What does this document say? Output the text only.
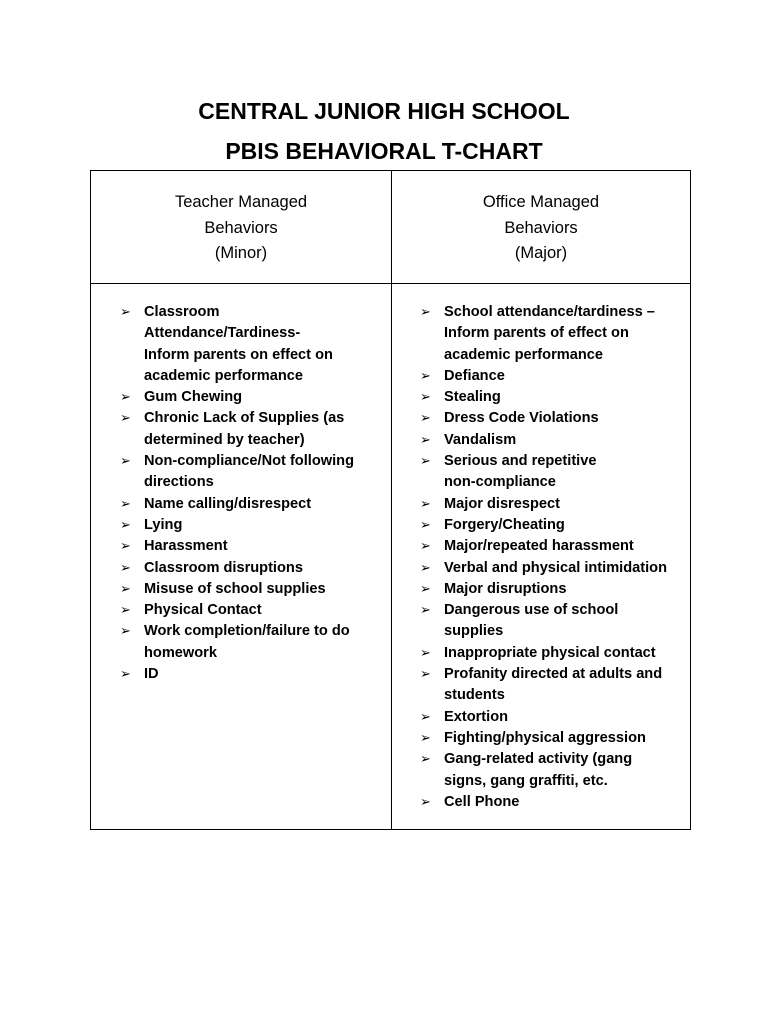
CENTRAL JUNIOR HIGH SCHOOL
PBIS BEHAVIORAL T-CHART
Teacher Managed
Behaviors
(Minor)
Office Managed
Behaviors
(Major)
➢ Classroom
Attendance/Tardiness-
Inform parents on effect on
academic performance
➢ Gum Chewing
➢ Chronic Lack of Supplies (as
determined by teacher)
➢ Non-compliance/Not following
directions
➢ Name calling/disrespect
➢ Lying
➢ Harassment
➢ Classroom disruptions
➢ Misuse of school supplies
➢ Physical Contact
➢ Work completion/failure to do
homework
➢ ID
➢ School attendance/tardiness –
Inform parents of effect on
academic performance
➢ Defiance
➢ Stealing
➢ Dress Code Violations
➢ Vandalism
➢ Serious and repetitive
non-compliance
➢ Major disrespect
➢ Forgery/Cheating
➢ Major/repeated harassment
➢ Verbal and physical intimidation
➢ Major disruptions
➢ Dangerous use of school
supplies
➢ Inappropriate physical contact
➢ Profanity directed at adults and
students
➢ Extortion
➢ Fighting/physical aggression
➢ Gang-related activity (gang
signs, gang graffiti, etc.
➢ Cell Phone
